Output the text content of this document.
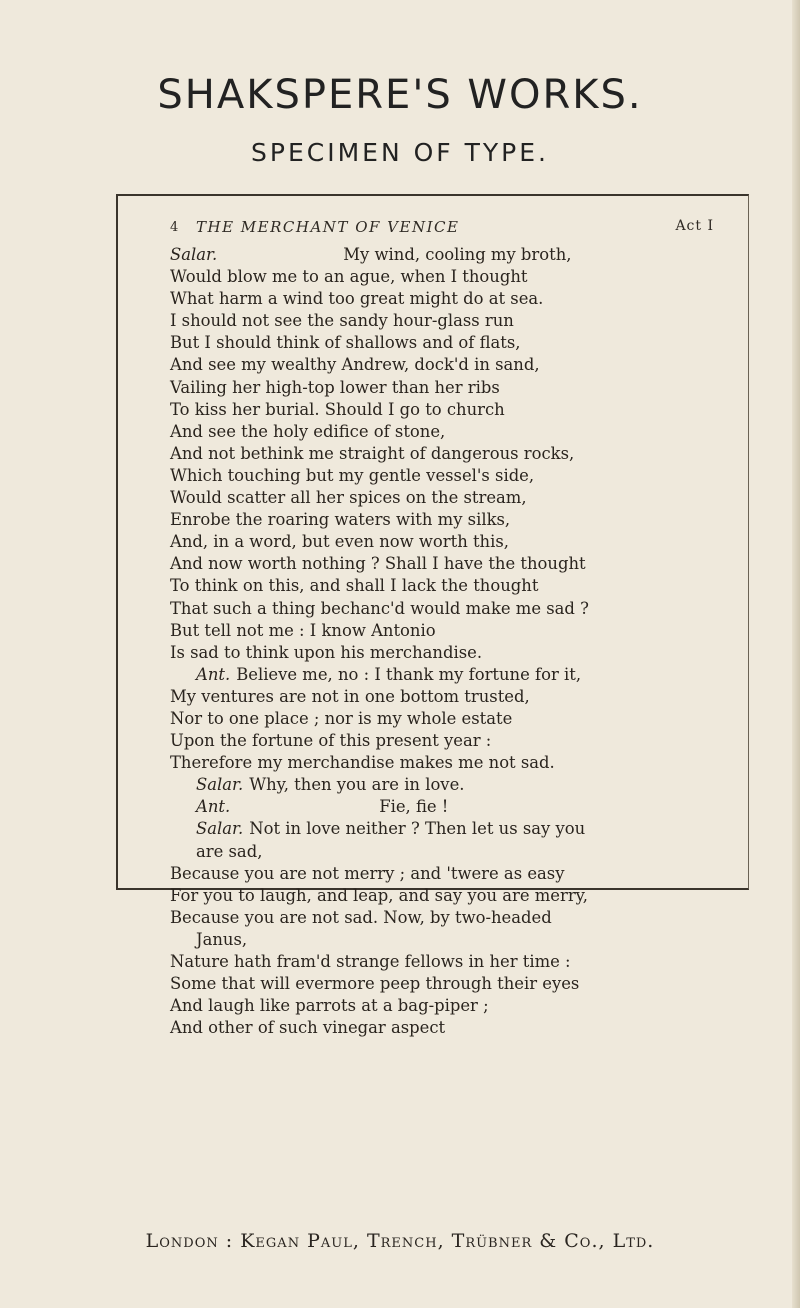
SHAKSPERE'S WORKS.
SPECIMEN OF TYPE.
4 THE MERCHANT OF VENICE	Act I
Salar.	My wind, cooling my broth,
Would blow me to an ague, when I thought
What harm a wind too great might do at sea.
I should not see the sandy hour-glass run
But I should think of shallows and of flats,
And see my wealthy Andrew, dock'd in sand,
Vailing her high-top lower than her ribs
To kiss her burial. Should I go to church
And see the holy edifice of stone,
And not bethink me straight of dangerous rocks,
Which touching but my gentle vessel's side,
Would scatter all her spices on the stream,
Enrobe the roaring waters with my silks,
And, in a word, but even now worth this,
And now worth nothing ? Shall I have the thought
To think on this, and shall I lack the thought
That such a thing bechanc'd would make me sad ?
But tell not me : I know Antonio
Is sad to think upon his merchandise.
Ant. Believe me, no : I thank my fortune for it,
My ventures are not in one bottom trusted,
Nor to one place ; nor is my whole estate
Upon the fortune of this present year :
Therefore my merchandise makes me not sad.
Salar. Why, then you are in love.
Ant.	Fie, fie !
Salar. Not in love neither ? Then let us say you
are sad,
Because you are not merry ; and 'twere as easy
For you to laugh, and leap, and say you are merry,
Because you are not sad. Now, by two-headed
Janus,
Nature hath fram'd strange fellows in her time :
Some that will evermore peep through their eyes
And laugh like parrots at a bag-piper ;
And other of such vinegar aspect
London : Kegan Paul, Trench, Trübner & Co., Ltd.
